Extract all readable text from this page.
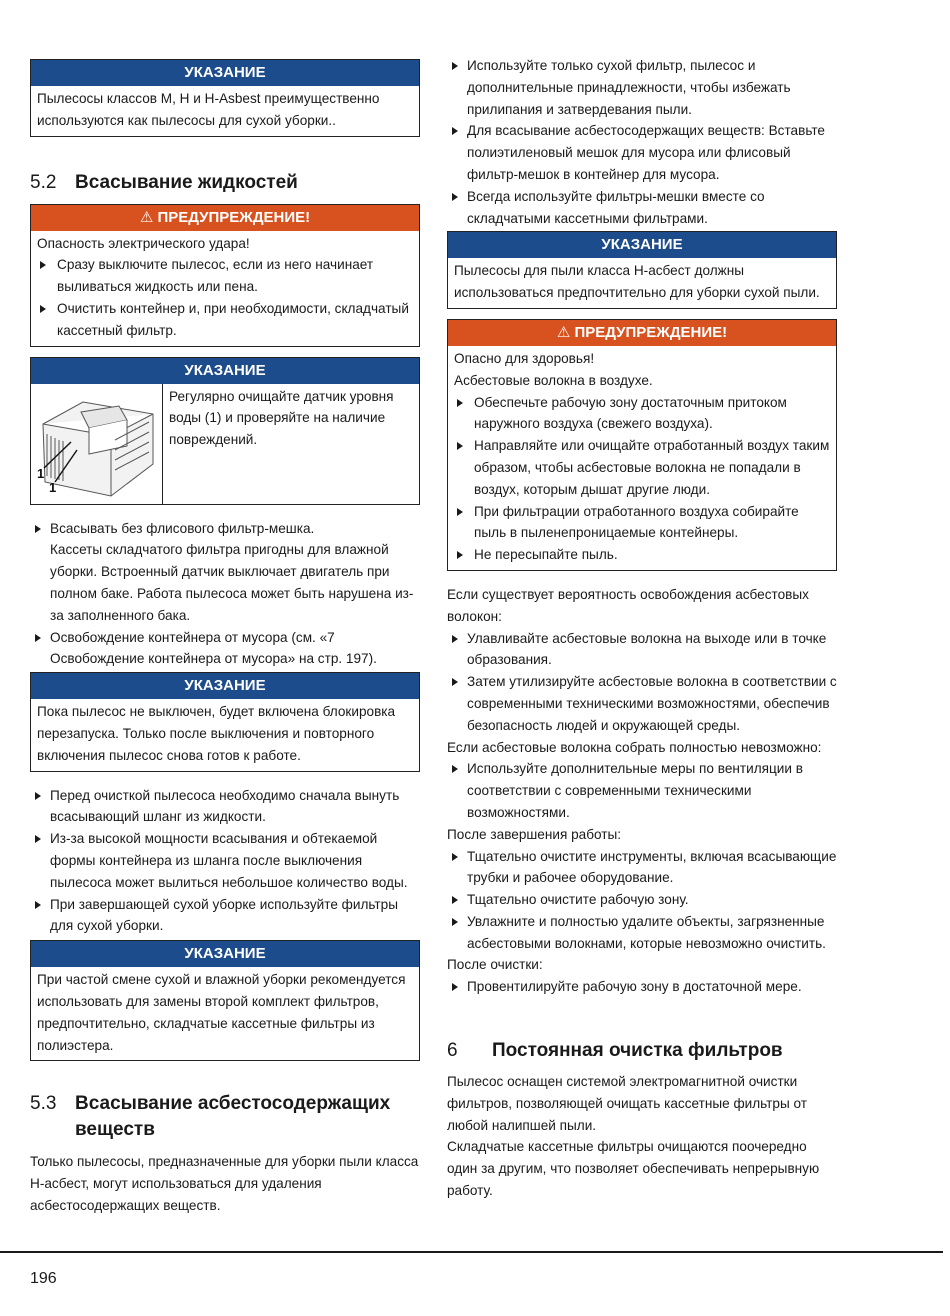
УКАЗАНИЕ

Пылесосы классов M, H и H-Asbest преимущественно используются как пылесосы для сухой уборки..

5.2 Всасывание жидкостей
⚠ ПРЕДУПРЕЖДЕНИЕ!

Опасность электрического удара!

Сразу выключите пылесос, если из него начинает выливаться жидкость или пена.
Очистить контейнер и, при необходимости, складчатый кассетный фильтр.
УКАЗАНИЕ
1
1
Регулярно очищайте датчик уровня воды (1) и проверяйте на наличие повреждений.
Всасывать без флисового фильтр-мешка.

Кассеты складчатого фильтра пригодны для влажной уборки. Встроенный датчик выключает двигатель при полном баке. Работа пылесоса может быть нарушена из-за заполненного бака.

Освобождение контейнера от мусора (см. «7 Освобождение контейнера от мусора» на стр. 197).
УКАЗАНИЕ

Пока пылесос не выключен, будет включена блокировка перезапуска. Только после выключения и повторного включения пылесос снова готов к работе.

Перед очисткой пылесоса необходимо сначала вынуть всасывающий шланг из жидкости.
Из-за высокой мощности всасывания и обтекаемой формы контейнера из шланга после выключения пылесоса может вылиться небольшое количество воды.
При завершающей сухой уборке используйте фильтры для сухой уборки.
УКАЗАНИЕ

При частой смене сухой и влажной уборки рекомендуется использовать для замены второй комплект фильтров, предпочтительно, складчатые кассетные фильтры из полиэстера.

5.3 Всасывание асбестосодержащих веществ

Только пылесосы, предназначенные для уборки пыли класса H-асбест, могут использоваться для удаления асбестосодержащих веществ.

Используйте только сухой фильтр, пылесос и дополнительные принадлежности, чтобы избежать прилипания и затвердевания пыли.
Для всасывание асбестосодержащих веществ: Вставьте полиэтиленовый мешок для мусора или флисовый фильтр-мешок в контейнер для мусора.
Всегда используйте фильтры-мешки вместе со складчатыми кассетными фильтрами.
УКАЗАНИЕ

Пылесосы для пыли класса H-асбест должны использоваться предпочтительно для уборки сухой пыли.

⚠ ПРЕДУПРЕЖДЕНИЕ!

Опасно для здоровья!

Асбестовые волокна в воздухе.

Обеспечьте рабочую зону достаточным притоком наружного воздуха (свежего воздуха).
Направляйте или очищайте отработанный воздух таким образом, чтобы асбестовые волокна не попадали в воздух, которым дышат другие люди.
При фильтрации отработанного воздуха собирайте пыль в пыленепроницаемые контейнеры.
Не пересыпайте пыль.

Если существует вероятность освобождения асбестовых волокон:

Улавливайте асбестовые волокна на выходе или в точке образования.
Затем утилизируйте асбестовые волокна в соответствии с современными техническими возможностями, обеспечив безопасность людей и окружающей среды.

Если асбестовые волокна собрать полностью невозможно:

Используйте дополнительные меры по вентиляции в соответствии с современными техническими возможностями.

После завершения работы:

Тщательно очистите инструменты, включая всасывающие трубки и рабочее оборудование.
Тщательно очистите рабочую зону.
Увлажните и полностью удалите объекты, загрязненные асбестовыми волокнами, которые невозможно очистить.

После очистки:

Провентилируйте рабочую зону в достаточной мере.
6 Постоянная очистка фильтров

Пылесос оснащен системой электромагнитной очистки фильтров, позволяющей очищать кассетные фильтры от любой налипшей пыли.

Складчатые кассетные фильтры очищаются поочередно один за другим, что позволяет обеспечивать непрерывную работу.

196
